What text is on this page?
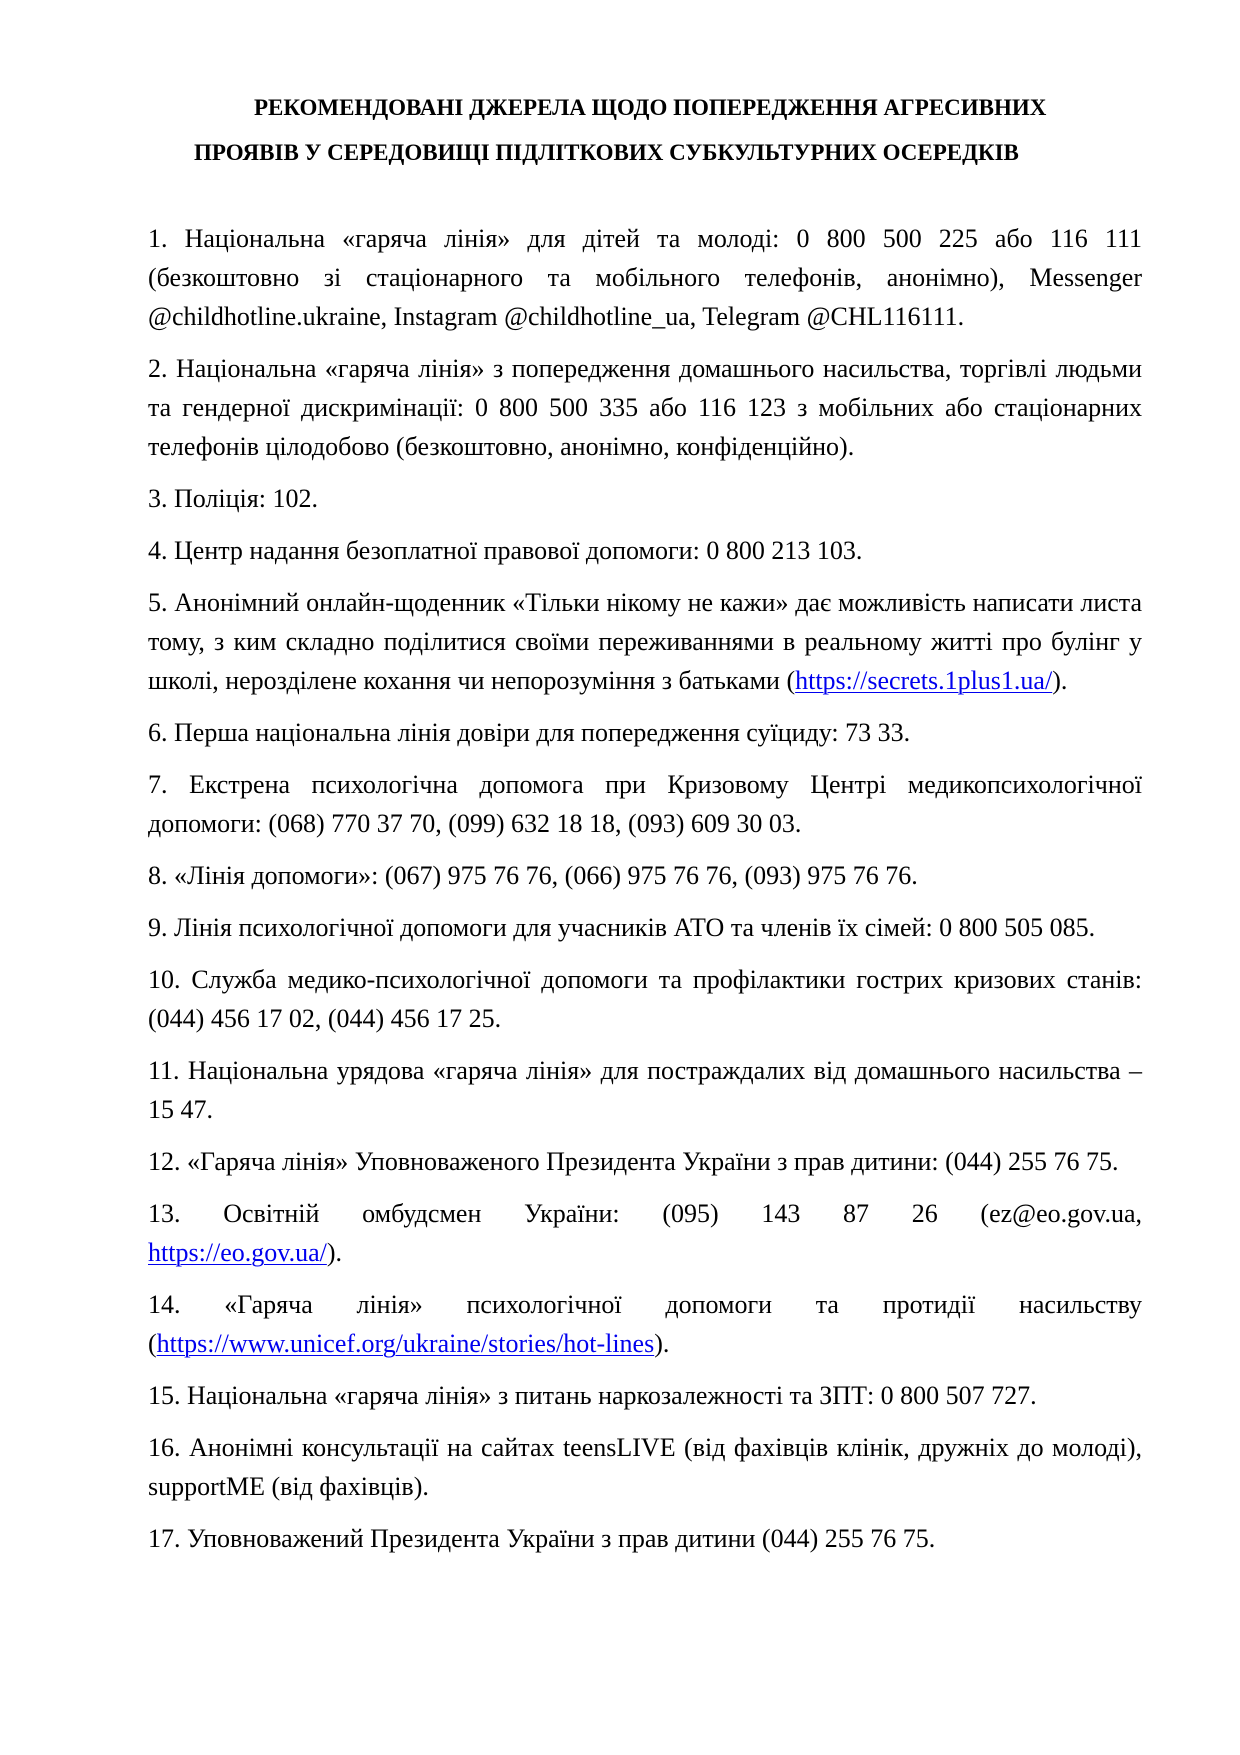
РЕКОМЕНДОВАНІ ДЖЕРЕЛА ЩОДО ПОПЕРЕДЖЕННЯ АГРЕСИВНИХ
ПРОЯВІВ У СЕРЕДОВИЩІ ПІДЛІТКОВИХ СУБКУЛЬТУРНИХ ОСЕРЕДКІВ

1. Національна «гаряча лінія» для дітей та молоді: 0 800 500 225 або 116 111 (безкоштовно зі стаціонарного та мобільного телефонів, анонімно), Messenger @childhotline.ukraine, Instagram @childhotline_ua, Telegram @CHL116111.

2. Національна «гаряча лінія» з попередження домашнього насильства, торгівлі людьми та гендерної дискримінації: 0 800 500 335 або 116 123 з мобільних або стаціонарних телефонів цілодобово (безкоштовно, анонімно, конфіденційно).

3. Поліція: 102.

4. Центр надання безоплатної правової допомоги: 0 800 213 103.

5. Анонімний онлайн-щоденник «Тільки нікому не кажи» дає можливість написати листа тому, з ким складно поділитися своїми переживаннями в реальному житті про булінг у школі, нерозділене кохання чи непорозуміння з батьками (https://secrets.1plus1.ua/).

6. Перша національна лінія довіри для попередження суїциду: 73 33.

7. Екстрена психологічна допомога при Кризовому Центрі медикопсихологічної допомоги: (068) 770 37 70, (099) 632 18 18, (093) 609 30 03.

8. «Лінія допомоги»: (067) 975 76 76, (066) 975 76 76, (093) 975 76 76.

9. Лінія психологічної допомоги для учасників АТО та членів їх сімей: 0 800 505 085.

10. Служба медико-психологічної допомоги та профілактики гострих кризових станів: (044) 456 17 02, (044) 456 17 25.

11. Національна урядова «гаряча лінія» для постраждалих від домашнього насильства – 15 47.

12. «Гаряча лінія» Уповноваженого Президента України з прав дитини: (044) 255 76 75.

13. Освітній омбудсмен України: (095) 143 87 26 (ez@eo.gov.ua,
https://eo.gov.ua/).

14. «Гаряча лінія» психологічної допомоги та протидії насильству (https://www.unicef.org/ukraine/stories/hot-lines).

15. Національна «гаряча лінія» з питань наркозалежності та ЗПТ: 0 800 507 727.

16. Анонімні консультації на сайтах teensLIVE (від фахівців клінік, дружніх до молоді), supportME (від фахівців).

17. Уповноважений Президента України з прав дитини (044) 255 76 75.
